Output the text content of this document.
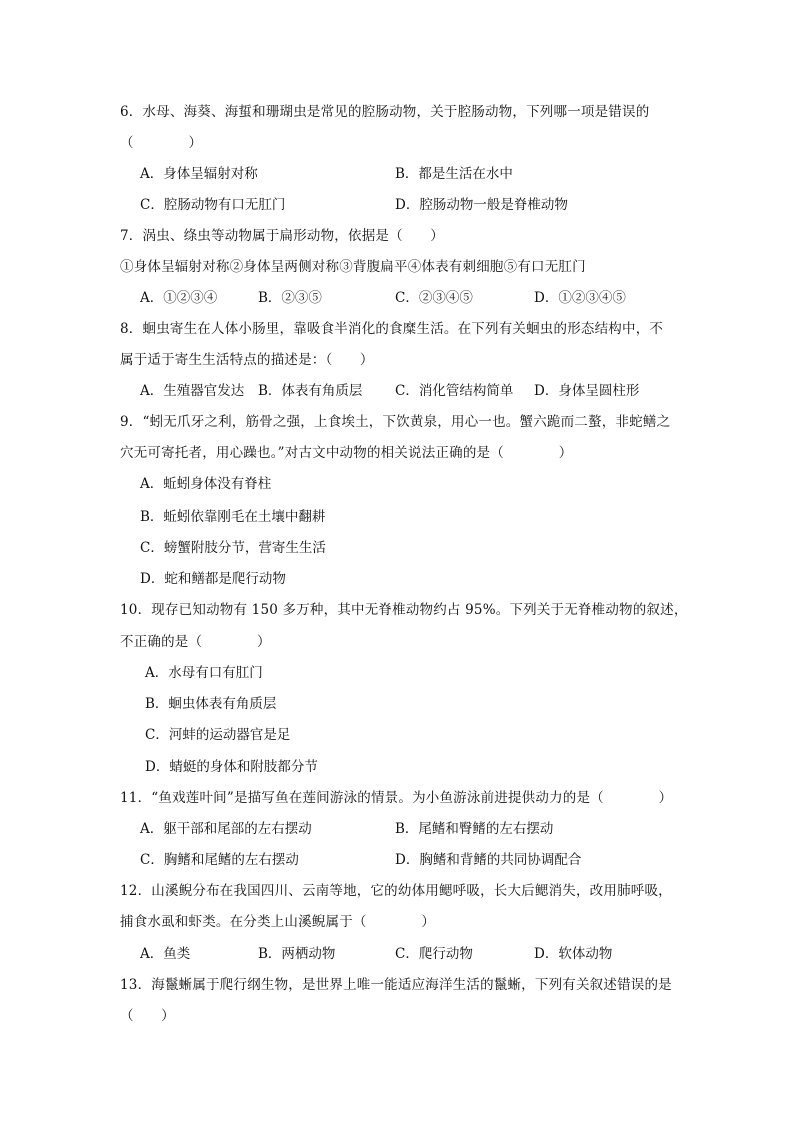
6．水母、海葵、海蜇和珊瑚虫是常见的腔肠动物，关于腔肠动物，下列哪一项是错误的
（　　　　）
A．身体呈辐射对称	B．都是生活在水中
C．腔肠动物有口无肛门	D．腔肠动物一般是脊椎动物
7．涡虫、绦虫等动物属于扁形动物，依据是（　　）
①身体呈辐射对称②身体呈两侧对称③背腹扁平④体表有刺细胞⑤有口无肛门
A．①②③④	B．②③⑤	C．②③④⑤	D．①②③④⑤
8．蛔虫寄生在人体小肠里，靠吸食半消化的食糜生活。在下列有关蛔虫的形态结构中，不
属于适于寄生生活特点的描述是：（　　）
A．生殖器官发达 B．体表有角质层 C．消化管结构简单 D．身体呈圆柱形
9．“蚓无爪牙之利，筋骨之强，上食埃土，下饮黄泉，用心一也。蟹六跪而二螯，非蛇鳝之
穴无可寄托者，用心躁也。”对古文中动物的相关说法正确的是（　　　　）
A．蚯蚓身体没有脊柱
B．蚯蚓依靠刚毛在土壤中翻耕
C．螃蟹附肢分节，营寄生生活
D．蛇和鳝都是爬行动物
10．现存已知动物有 150 多万种，其中无脊椎动物约占 95%。下列关于无脊椎动物的叙述，
不正确的是（　　　　）
A．水母有口有肛门
B．蛔虫体表有角质层
C．河蚌的运动器官是足
D．蜻蜓的身体和附肢都分节
11．“鱼戏莲叶间”是描写鱼在莲间游泳的情景。为小鱼游泳前进提供动力的是（　　　　）
A．躯干部和尾部的左右摆动	B．尾鳍和臀鳍的左右摆动
C．胸鳍和尾鳍的左右摆动	D．胸鳍和背鳍的共同协调配合
12．山溪鲵分布在我国四川、云南等地，它的幼体用鳃呼吸，长大后鳃消失，改用肺呼吸，
捕食水虱和虾类。在分类上山溪鲵属于（　　　　）
A．鱼类	B．两栖动物	C．爬行动物	D．软体动物
13．海鬣蜥属于爬行纲生物，是世界上唯一能适应海洋生活的鬣蜥，下列有关叙述错误的是
（　　）
